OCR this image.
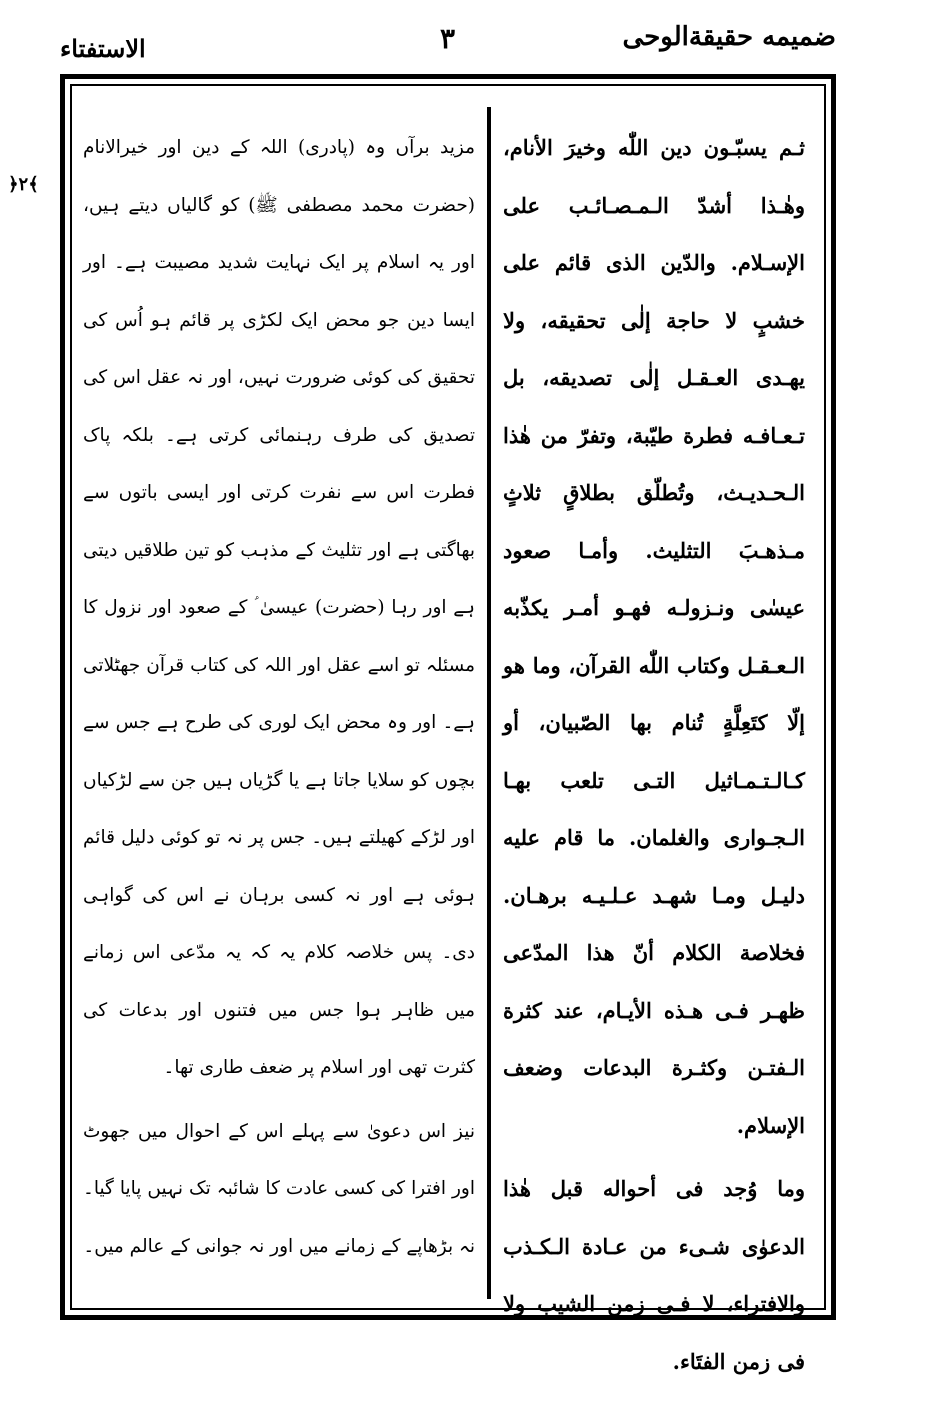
ضمیمه حقیقةالوحی
۳
الاستفتاء
﴿۲﴾

ثـم يسبّـون دين اللّٰه وخيرَ الأنام، وهٰـذا أشدّ الـمـصـائـب على الإسـلام. والدّين الذى قائم على خشبٍ لا حاجة إلٰى تحقيقه، ولا يهـدى العـقـل إلٰى تصديقه، بل تـعـافـه فطرة طيّبة، وتفرّ من هٰذا الـحـديـث، وتُطلّق بطلاقٍ ثلاثٍ مـذهـبَ التثليث. وأمـا صعود عيسٰى ونـزولـه فهـو أمـر يكذّبه الـعـقـل وكتاب اللّٰه القرآن، وما هو إلّا كتَعِلَّةٍ تُنام بها الصّبيان، أو كـالـتـمـاثيل التـى تلعب بهـا الـجـوارى والغلمان. ما قام عليه دليـل ومـا شهـد عـلـيـه برهـان. فخلاصة الكلام أنّ هذا المدّعى ظهـر فـى هـذه الأيـام، عند كثرة الـفتـن وكثـرة البدعات وضعف الإسلام.

وما وُجد فى أحواله قبل هٰذا الدعوٰى شـىء من عـادة الـكـذب والافتراء، لا فـى زمن الشيب ولا فى زمن الفتَاء.

مزید برآں وہ (پادری) اللہ کے دین اور خیرالانام (حضرت محمد مصطفی ﷺ) کو گالیاں دیتے ہیں، اور یہ اسلام پر ایک نہایت شدید مصیبت ہے۔ اور ایسا دین جو محض ایک لکڑی پر قائم ہو اُس کی تحقیق کی کوئی ضرورت نہیں، اور نہ عقل اس کی تصدیق کی طرف رہنمائی کرتی ہے۔ بلکہ پاک فطرت اس سے نفرت کرتی اور ایسی باتوں سے بھاگتی ہے اور تثلیث کے مذہب کو تین طلاقیں دیتی ہے اور رہا (حضرت) عیسیٰ ؑ کے صعود اور نزول کا مسئلہ تو اسے عقل اور اللہ کی کتاب قرآن جھٹلاتی ہے۔ اور وہ محض ایک لوری کی طرح ہے جس سے بچوں کو سلایا جاتا ہے یا گڑیاں ہیں جن سے لڑکیاں اور لڑکے کھیلتے ہیں۔ جس پر نہ تو کوئی دلیل قائم ہوئی ہے اور نہ کسی برہان نے اس کی گواہی دی۔ پس خلاصہ کلام یہ کہ یہ مدّعی اس زمانے میں ظاہر ہوا جس میں فتنوں اور بدعات کی کثرت تھی اور اسلام پر ضعف طاری تھا۔

نیز اس دعویٰ سے پہلے اس کے احوال میں جھوٹ اور افترا کی کسی عادت کا شائبہ تک نہیں پایا گیا۔ نہ بڑھاپے کے زمانے میں اور نہ جوانی کے عالم میں۔
